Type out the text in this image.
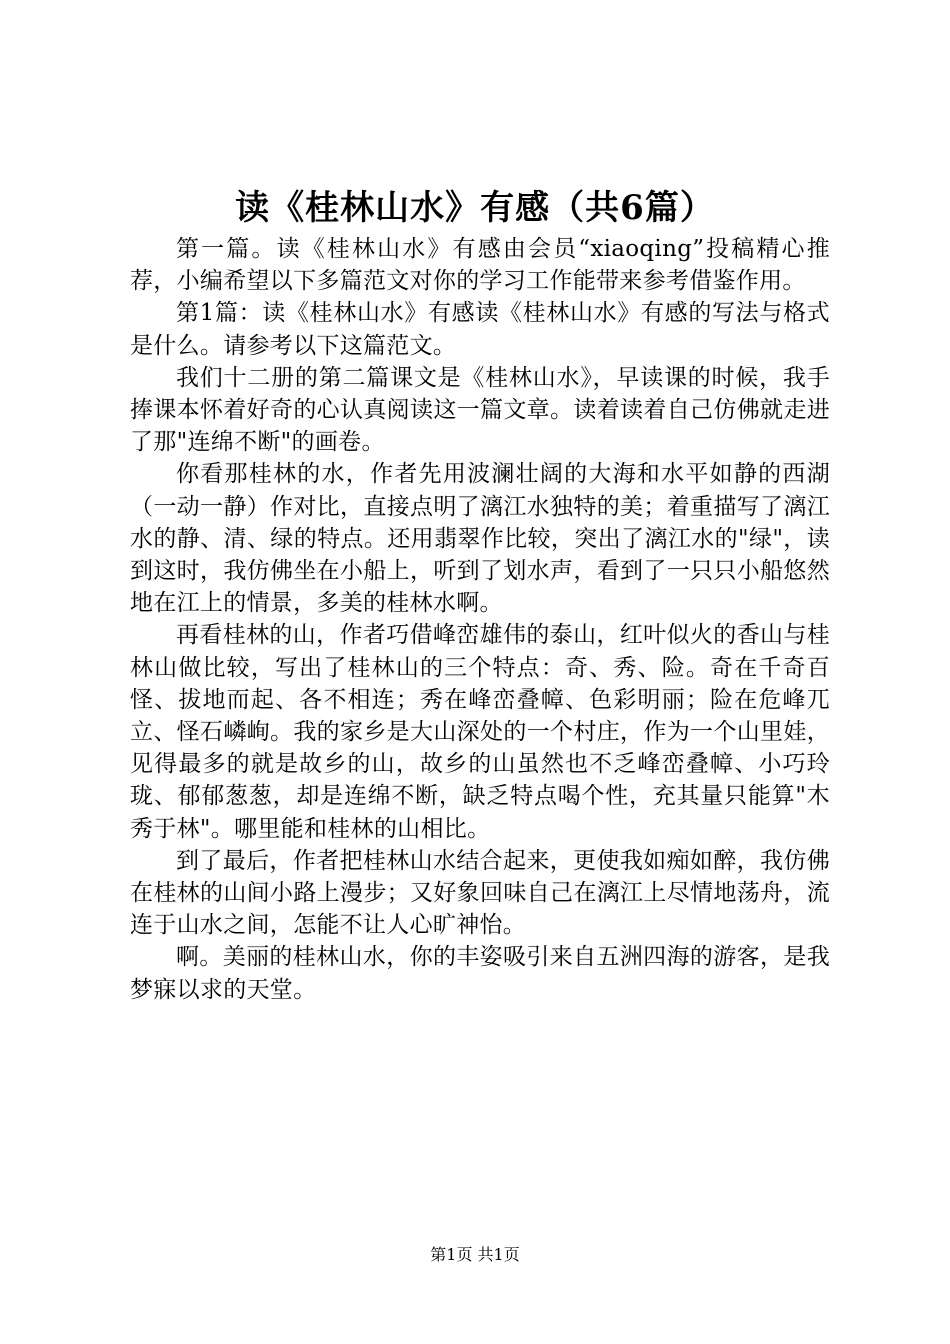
读《桂林山水》有感（共6篇）

第一篇。读《桂林山水》有感由会员“xiaoqing”投稿精心推荐，小编希望以下多篇范文对你的学习工作能带来参考借鉴作用。

第1篇：读《桂林山水》有感读《桂林山水》有感的写法与格式是什么。请参考以下这篇范文。

我们十二册的第二篇课文是《桂林山水》，早读课的时候，我手捧课本怀着好奇的心认真阅读这一篇文章。读着读着自己仿佛就走进了那"连绵不断"的画卷。

你看那桂林的水，作者先用波澜壮阔的大海和水平如静的西湖（一动一静）作对比，直接点明了漓江水独特的美；着重描写了漓江水的静、清、绿的特点。还用翡翠作比较，突出了漓江水的"绿"，读到这时，我仿佛坐在小船上，听到了划水声，看到了一只只小船悠然地在江上的情景，多美的桂林水啊。

再看桂林的山，作者巧借峰峦雄伟的泰山，红叶似火的香山与桂林山做比较，写出了桂林山的三个特点：奇、秀、险。奇在千奇百怪、拔地而起、各不相连；秀在峰峦叠幛、色彩明丽；险在危峰兀立、怪石嶙峋。我的家乡是大山深处的一个村庄，作为一个山里娃，见得最多的就是故乡的山，故乡的山虽然也不乏峰峦叠幛、小巧玲珑、郁郁葱葱，却是连绵不断，缺乏特点喝个性，充其量只能算"木秀于林"。哪里能和桂林的山相比。

到了最后，作者把桂林山水结合起来，更使我如痴如醉，我仿佛在桂林的山间小路上漫步；又好象回味自己在漓江上尽情地荡舟，流连于山水之间，怎能不让人心旷神怡。

啊。美丽的桂林山水，你的丰姿吸引来自五洲四海的游客，是我梦寐以求的天堂。

第1页 共1页
